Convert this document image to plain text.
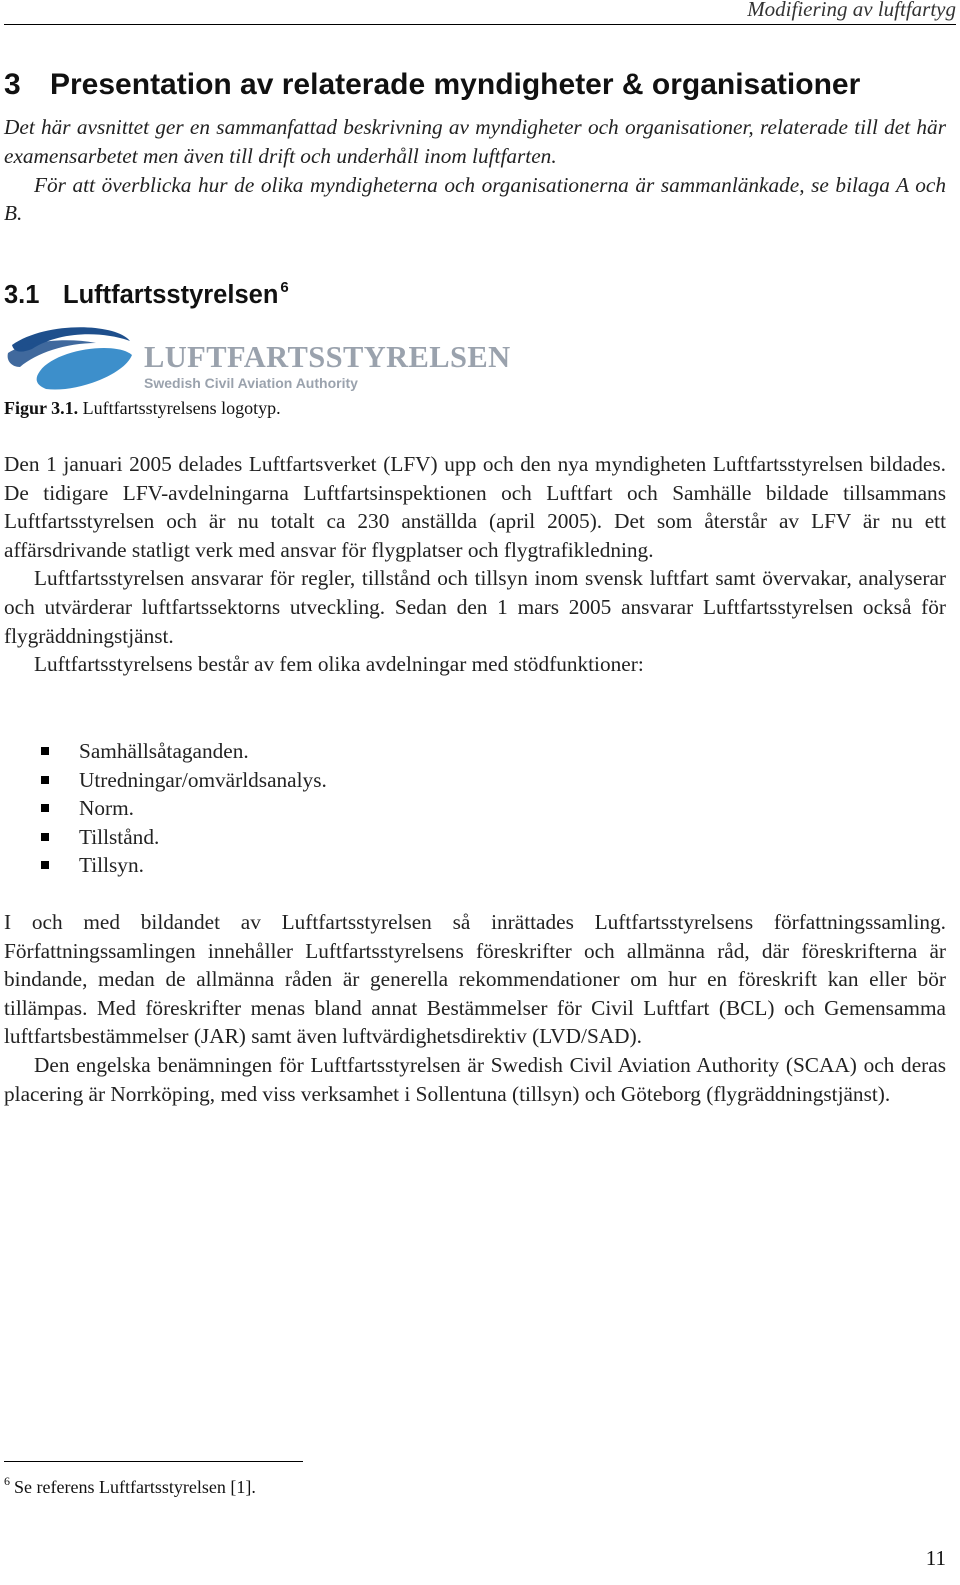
Modifiering av luftfartyg
3 Presentation av relaterade myndigheter & organisationer

Det här avsnittet ger en sammanfattad beskrivning av myndigheter och organisationer, relaterade till det här examensarbetet men även till drift och underhåll inom luftfarten.

För att överblicka hur de olika myndigheterna och organisationerna är sammanlänkade, se bilaga A och B.

3.1 Luftfartsstyrelsen $^6$
LUFTFARTSSTYRELSEN
Swedish Civil Aviation Authority

Figur 3.1. Luftfartsstyrelsens logotyp.

Den 1 januari 2005 delades Luftfartsverket (LFV) upp och den nya myndigheten Luftfartsstyrelsen bildades. De tidigare LFV-avdelningarna Luftfartsinspektionen och Luftfart och Samhälle bildade tillsammans Luftfartsstyrelsen och är nu totalt ca 230 anställda (april 2005). Det som återstår av LFV är nu ett affärsdrivande statligt verk med ansvar för flygplatser och flygtrafikledning.

Luftfartsstyrelsen ansvarar för regler, tillstånd och tillsyn inom svensk luftfart samt övervakar, analyserar och utvärderar luftfartssektorns utveckling. Sedan den 1 mars 2005 ansvarar Luftfartsstyrelsen också för flygräddningstjänst.

Luftfartsstyrelsens består av fem olika avdelningar med stödfunktioner:

Samhällsåtaganden.
Utredningar/omvärldsanalys.
Norm.
Tillstånd.
Tillsyn.

I och med bildandet av Luftfartsstyrelsen så inrättades Luftfartsstyrelsens författningssamling. Författningssamlingen innehåller Luftfartsstyrelsens föreskrifter och allmänna råd, där föreskrifterna är bindande, medan de allmänna råden är generella rekommendationer om hur en föreskrift kan eller bör tillämpas. Med föreskrifter menas bland annat Bestämmelser för Civil Luftfart (BCL) och Gemensamma luftfartsbestämmelser (JAR) samt även luftvärdighetsdirektiv (LVD/SAD).

Den engelska benämningen för Luftfartsstyrelsen är Swedish Civil Aviation Authority (SCAA) och deras placering är Norrköping, med viss verksamhet i Sollentuna (tillsyn) och Göteborg (flygräddningstjänst).

$^6$ Se referens Luftfartsstyrelsen [1].

11
